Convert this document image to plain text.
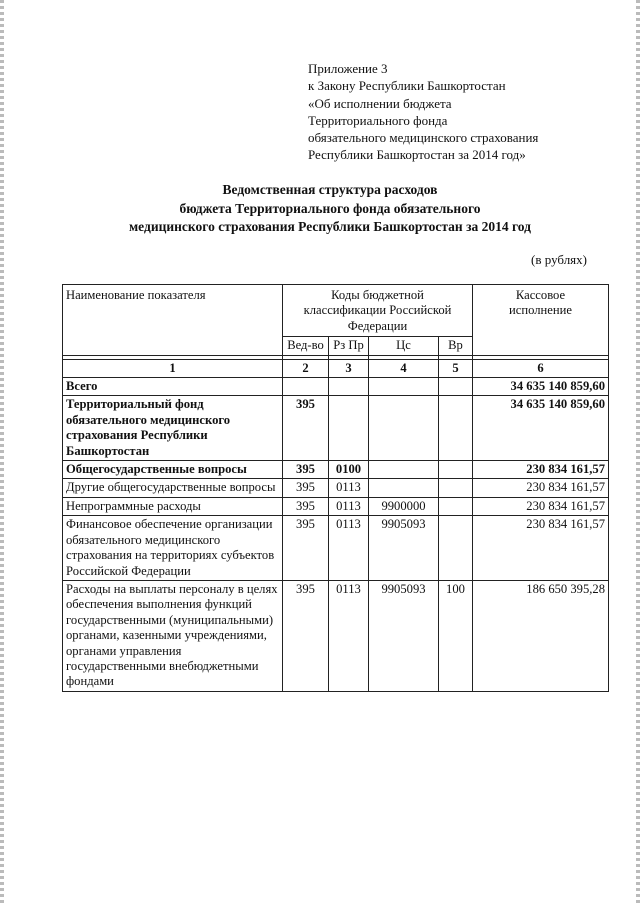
Приложение 3
к Закону Республики Башкортостан
«Об исполнении бюджета
Территориального фонда
обязательного медицинского страхования
Республики Башкортостан за 2014 год»
Ведомственная структура расходов
бюджета Территориального фонда обязательного
медицинского страхования Республики Башкортостан за 2014 год
(в рублях)
Наименование показателя	Коды бюджетной классификации Российской Федерации				Кассовое исполнение
	Вед-во	Рз Пр	Цс	Вр	

1	2	3	4	5	6
Всего					34 635 140 859,60
Территориальный фонд обязательного медицинского страхования Республики Башкортостан	395				34 635 140 859,60
Общегосударственные вопросы	395	0100			230 834 161,57
Другие общегосударственные вопросы	395	0113			230 834 161,57
Непрограммные расходы	395	0113	9900000		230 834 161,57
Финансовое обеспечение организации обязательного медицинского страхования на территориях субъектов Российской Федерации	395	0113	9905093		230 834 161,57
Расходы на выплаты персоналу в целях обеспечения выполнения функций государственными (муниципальными) органами, казенными учреждениями, органами управления государственными внебюджетными фондами	395	0113	9905093	100	186 650 395,28
